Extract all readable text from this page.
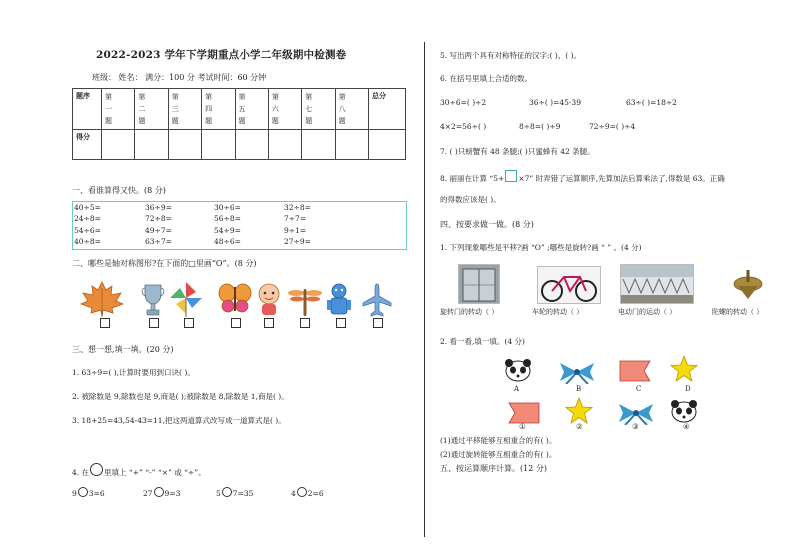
2022-2023 学年下学期重点小学二年级期中检测卷
班级： 姓名： 满分：100 分 考试时间：60 分钟
题序	第一题	第二题	第三题	第四题	第五题	第六题	第七题	第八题	总分

得分									

一、看谁算得又快。(8 分)
40÷5=	36÷9=	30÷6=	32÷8=
24÷8=	72÷8=	56÷8=	7÷7=
54÷6=	49÷7=	54÷9=	9÷1=
40÷8=	63÷7=	48÷6=	27÷9=
二、哪些是轴对称图形?在下面的□里画“O”。(8 分)
三、想一想,填一填。(20 分)
1. 63÷9=( ),计算时要用到口诀( )。
2. 被除数是 9,除数也是 9,商是( );被除数是 8,除数是 1,商是( )。
3. 18+25=43,54-43=11,把这两道算式改写成一道算式是( )。
4. 在 里填上 “+” “-” “×” 或 “÷”。
9 3=6	27 9=3	5 7=35	4 2=6
5. 写出两个具有对称特征的汉字:( )、( )。
6. 在括号里填上合适的数。
30÷6=( )÷2	36÷( )=45-39	63÷( )=18÷2
4×2=56÷( )	8÷8=( )÷9	72÷9=( )÷4
7. ( )只螃蟹有 48 条腿;( )只蜜蜂有 42 条腿。
8. 丽丽在计算 “5+ ×7” 时弄错了运算顺序,先算加法后算乘法了,得数是 63。正确
的得数应该是( )。
四、按要求做一做。(8 分)
1. 下列现象哪些是平移?画 “O” ;哪些是旋转?画 “ ” 。(4 分)
旋转门的转动（ ）	车轮的转动（ ）	电动门的运动（ ）	陀螺的转动（ ）
2. 看一看,填一填。(4 分)
A	B	C	D
①	②	③	④
(1)通过平移能够互相重合的有( )。
(2)通过旋转能够互相重合的有( )。
五、按运算顺序计算。(12 分)
